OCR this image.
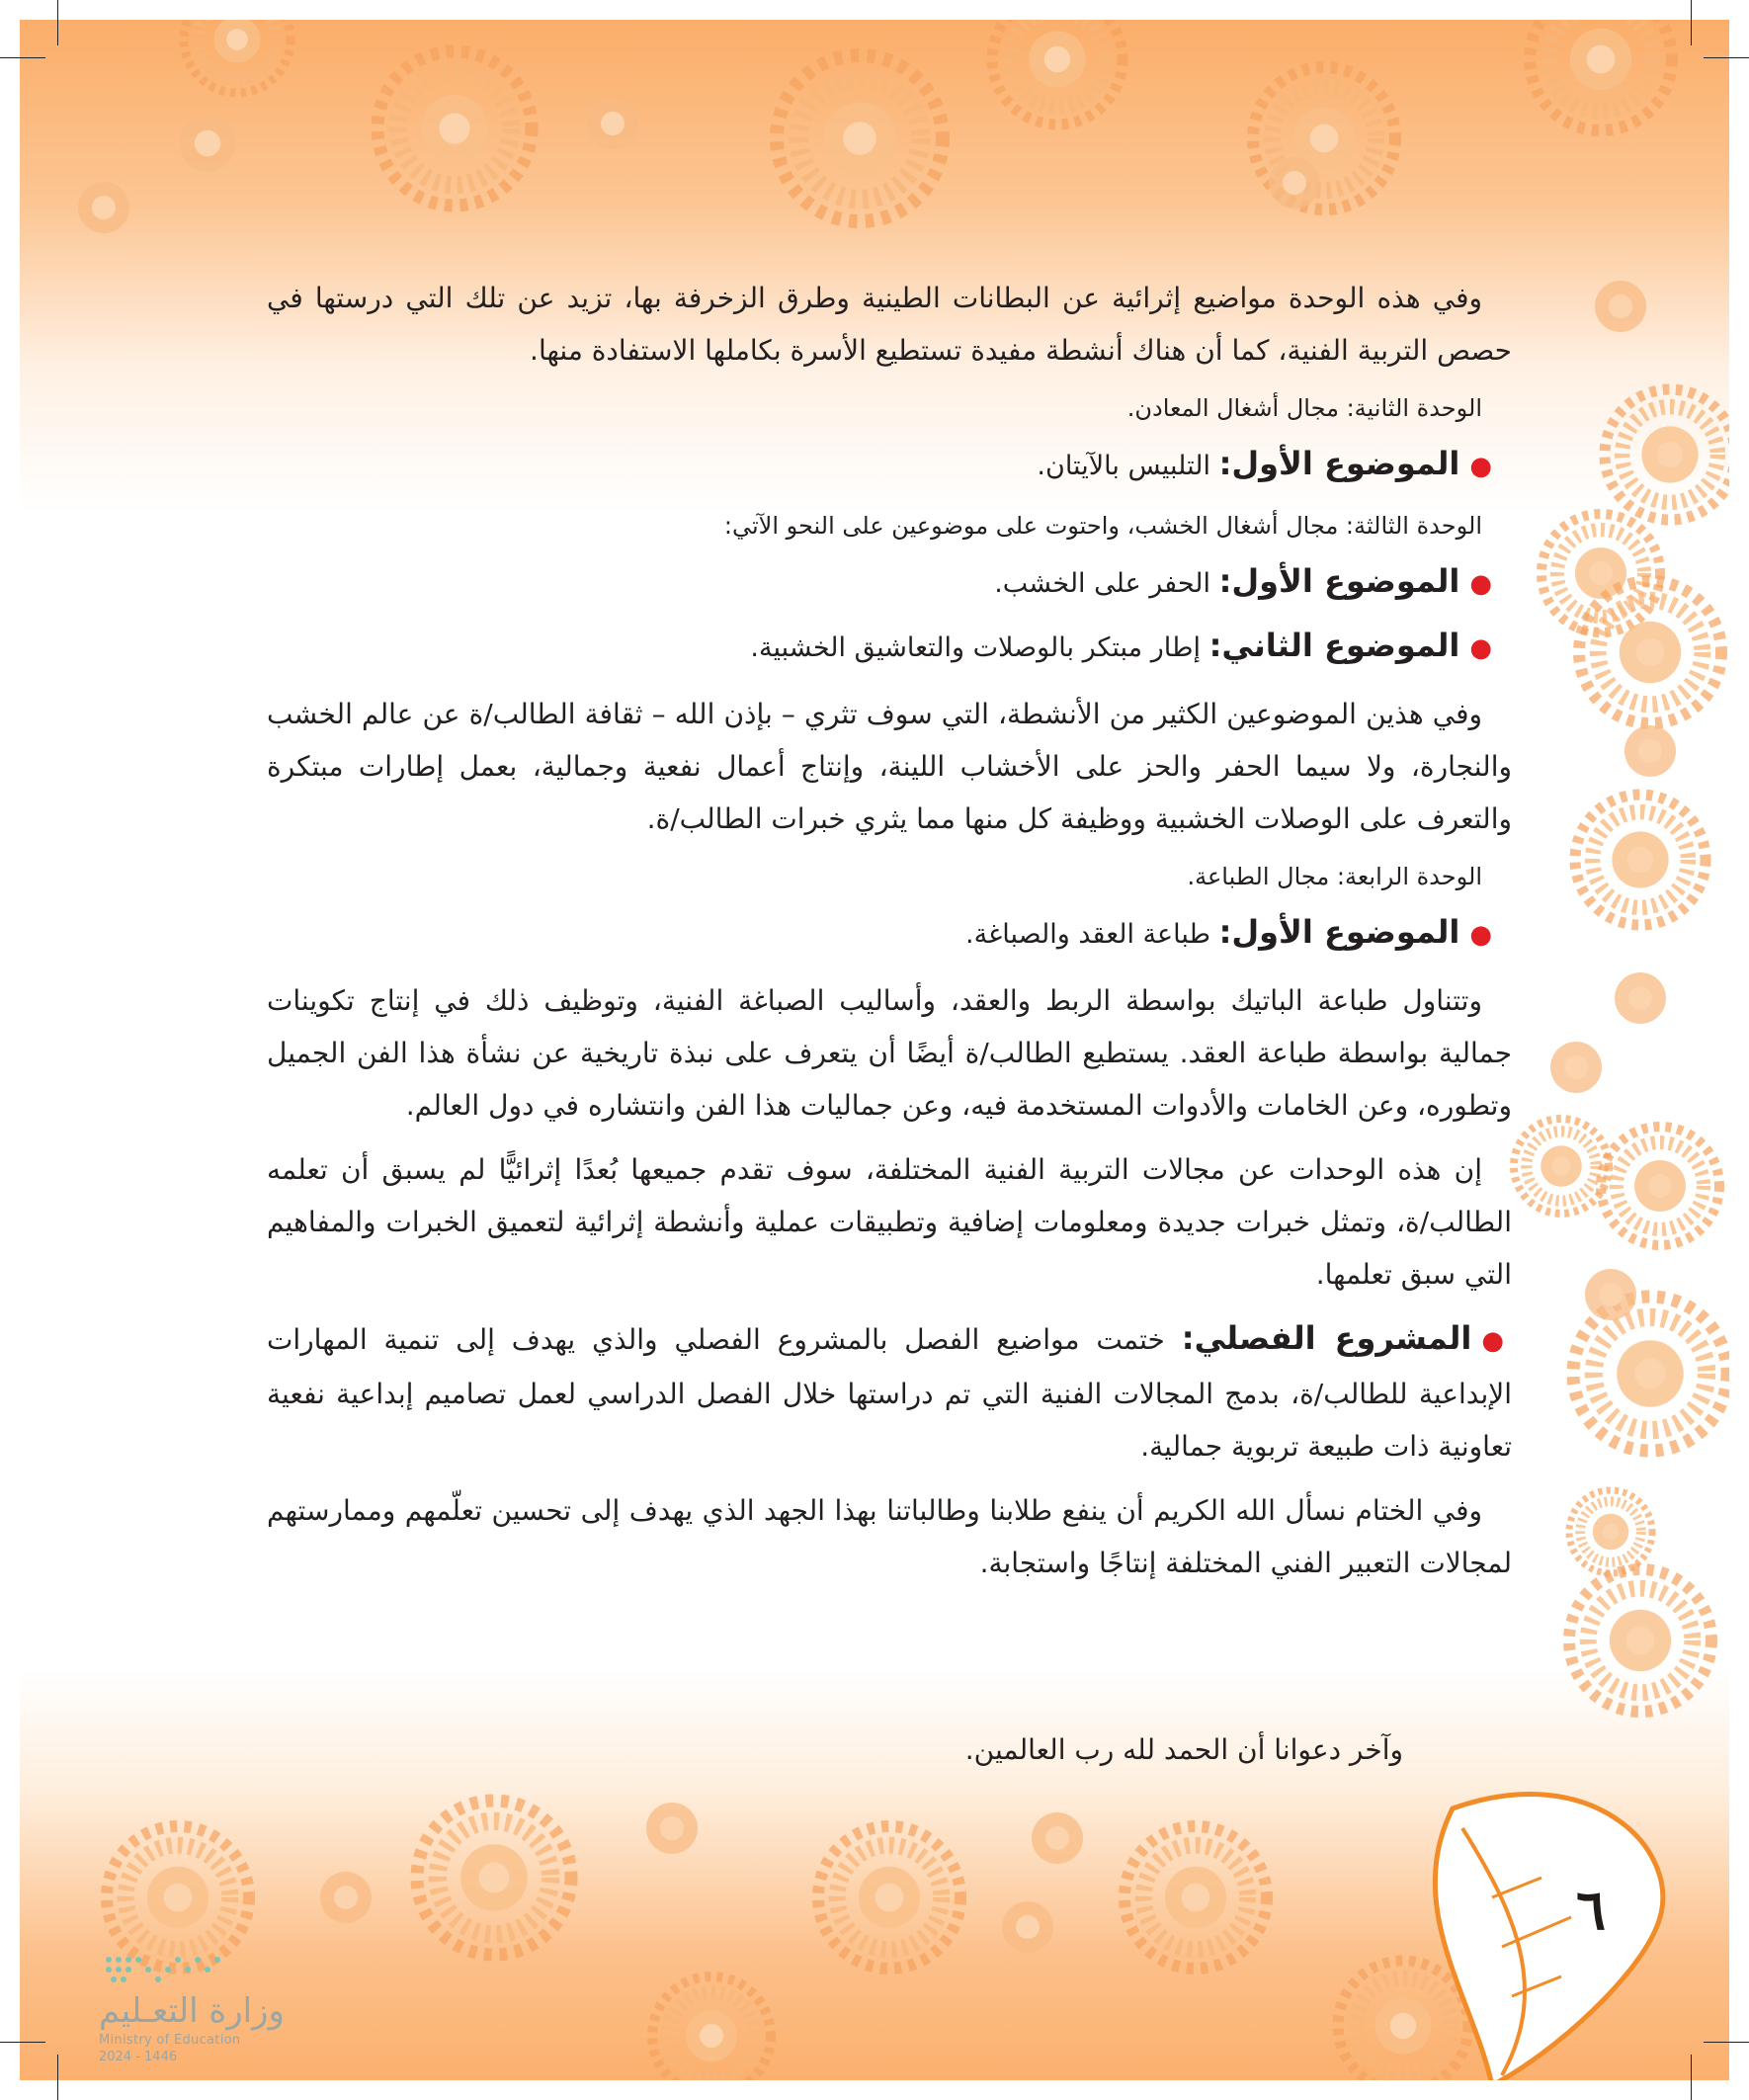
وفي هذه الوحدة مواضيع إثرائية عن البطانات الطينية وطرق الزخرفة بها، تزيد عن تلك التي درستها في حصص التربية الفنية، كما أن هناك أنشطة مفيدة تستطيع الأسرة بكاملها الاستفادة منها.

الوحدة الثانية: مجال أشغال المعادن.

●الموضوع الأول: التلبيس بالآيتان.

الوحدة الثالثة: مجال أشغال الخشب، واحتوت على موضوعين على النحو الآتي:

●الموضوع الأول: الحفر على الخشب.

●الموضوع الثاني: إطار مبتكر بالوصلات والتعاشيق الخشبية.

وفي هذين الموضوعين الكثير من الأنشطة، التي سوف تثري – بإذن الله – ثقافة الطالب/ة عن عالم الخشب والنجارة، ولا سيما الحفر والحز على الأخشاب اللينة، وإنتاج أعمال نفعية وجمالية، بعمل إطارات مبتكرة والتعرف على الوصلات الخشبية ووظيفة كل منها مما يثري خبرات الطالب/ة.

الوحدة الرابعة: مجال الطباعة.

●الموضوع الأول: طباعة العقد والصباغة.

وتتناول طباعة الباتيك بواسطة الربط والعقد، وأساليب الصباغة الفنية، وتوظيف ذلك في إنتاج تكوينات جمالية بواسطة طباعة العقد. يستطيع الطالب/ة أيضًا أن يتعرف على نبذة تاريخية عن نشأة هذا الفن الجميل وتطوره، وعن الخامات والأدوات المستخدمة فيه، وعن جماليات هذا الفن وانتشاره في دول العالم.

إن هذه الوحدات عن مجالات التربية الفنية المختلفة، سوف تقدم جميعها بُعدًا إثرائيًّا لم يسبق أن تعلمه الطالب/ة، وتمثل خبرات جديدة ومعلومات إضافية وتطبيقات عملية وأنشطة إثرائية لتعميق الخبرات والمفاهيم التي سبق تعلمها.

●المشروع الفصلي: ختمت مواضيع الفصل بالمشروع الفصلي والذي يهدف إلى تنمية المهارات الإبداعية للطالب/ة، بدمج المجالات الفنية التي تم دراستها خلال الفصل الدراسي لعمل تصاميم إبداعية نفعية تعاونية ذات طبيعة تربوية جمالية.

وفي الختام نسأل الله الكريم أن ينفع طلابنا وطالباتنا بهذا الجهد الذي يهدف إلى تحسين تعلّمهم وممارستهم لمجالات التعبير الفني المختلفة إنتاجًا واستجابة.

وآخر دعوانا أن الحمد لله رب العالمين.
٦
وزارة التعـليم
Ministry of Education
2024 - 1446
